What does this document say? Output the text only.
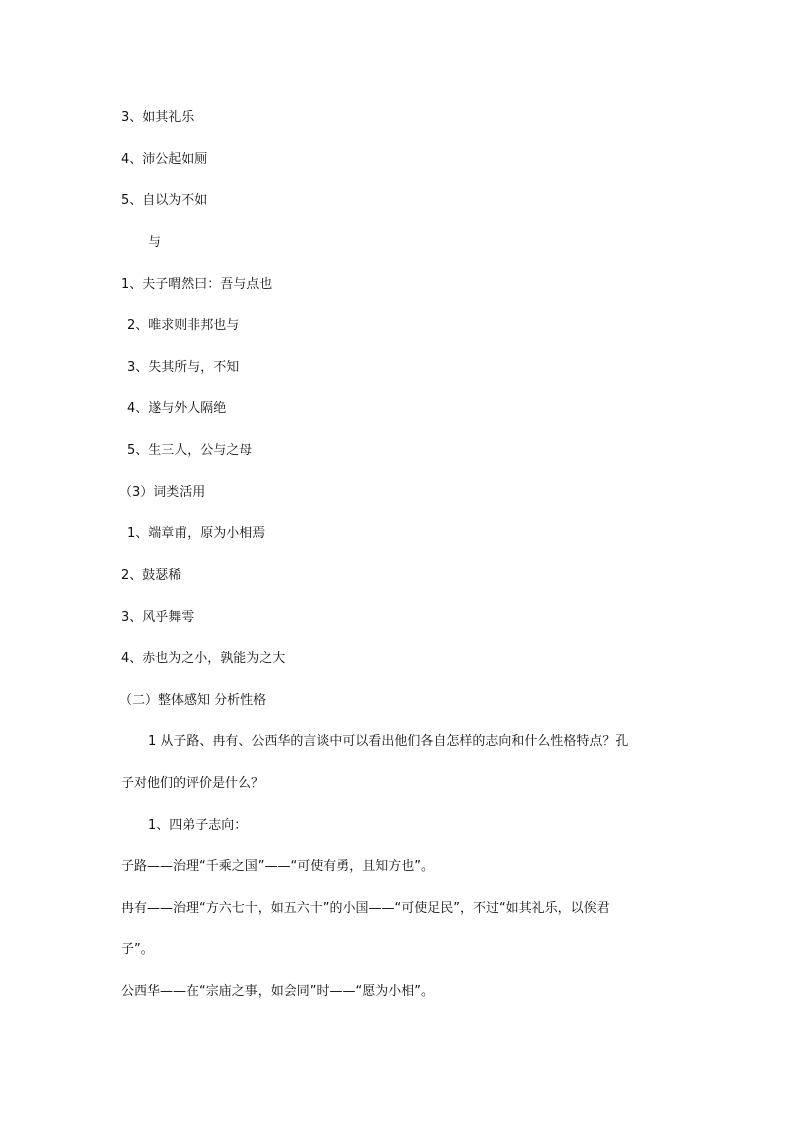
3、如其礼乐
4、沛公起如厕
5、自以为不如
与
1、夫子喟然曰：吾与点也
2、唯求则非邦也与
3、失其所与，不知
4、遂与外人隔绝
5、生三人，公与之母
（3）词类活用
1、端章甫，原为小相焉
2、鼓瑟稀
3、风乎舞雩
4、赤也为之小，孰能为之大
（二）整体感知 分析性格
1 从子路、冉有、公西华的言谈中可以看出他们各自怎样的志向和什么性格特点？孔
子对他们的评价是什么？
1、四弟子志向：
子路——治理“千乘之国”——“可使有勇，且知方也”。
冉有——治理“方六七十，如五六十”的小国——“可使足民”，不过“如其礼乐，以俟君
子”。
公西华——在“宗庙之事，如会同”时——“愿为小相”。
